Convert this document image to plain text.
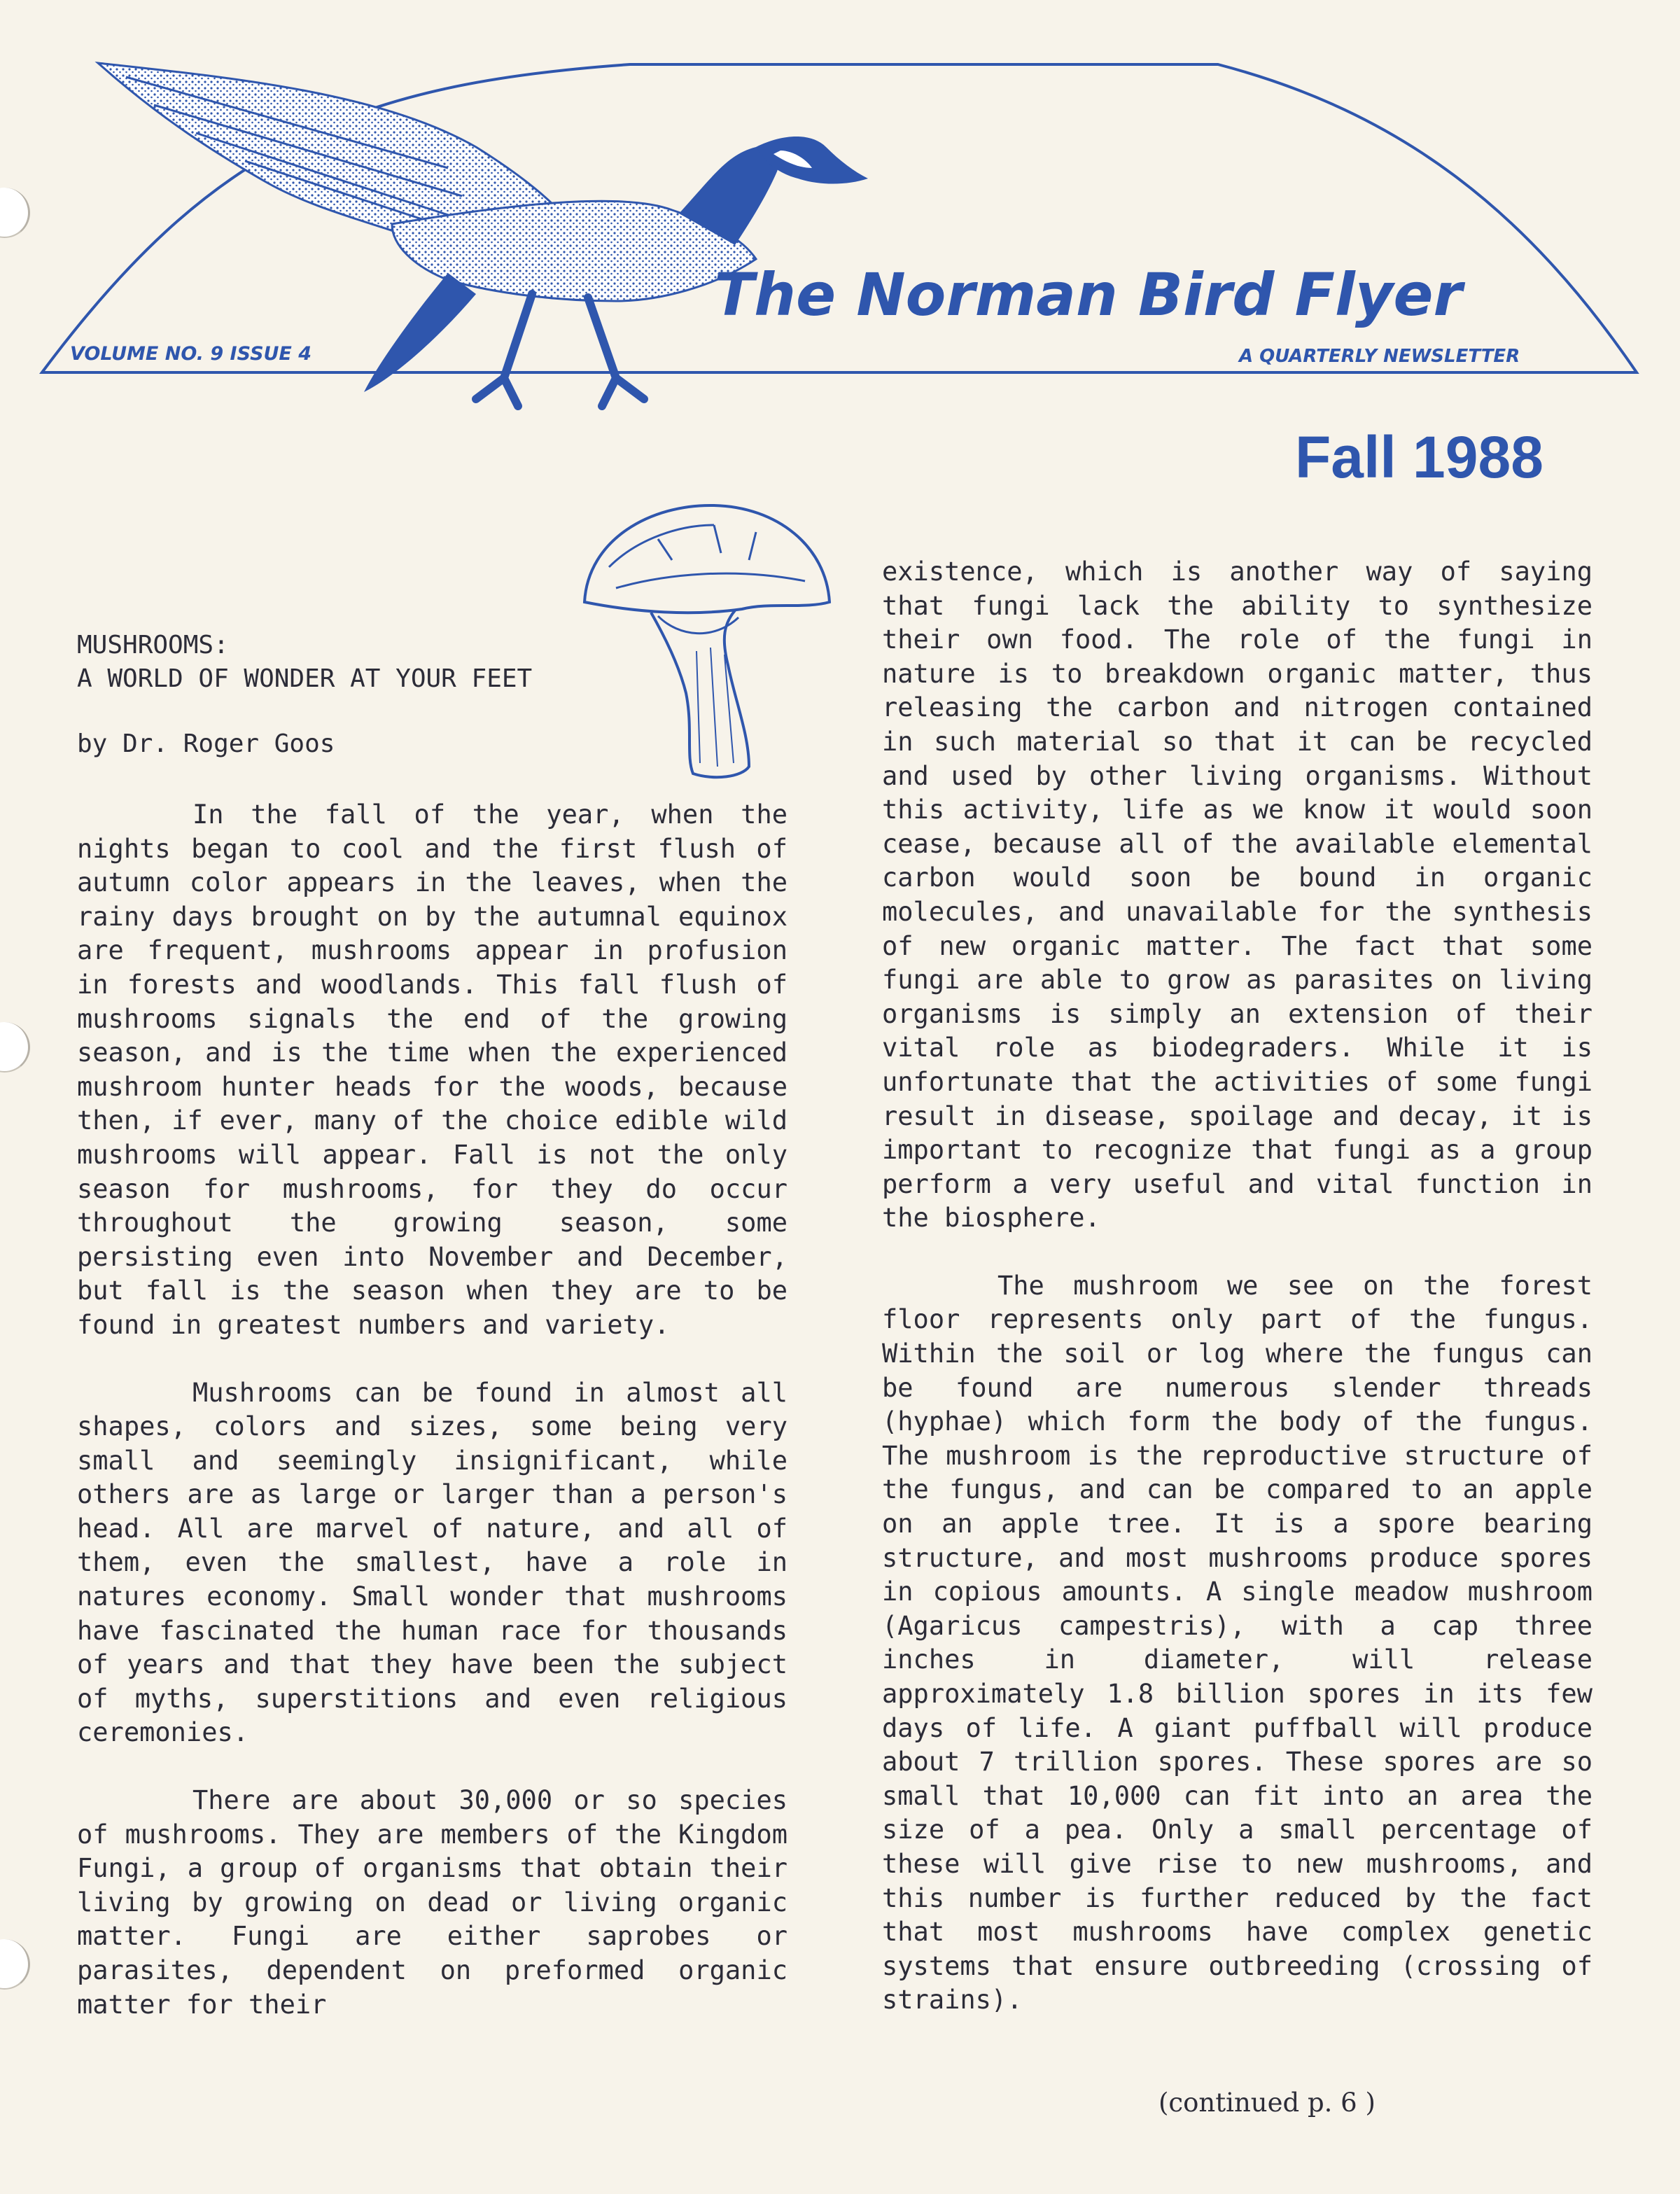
The Norman Bird Flyer
VOLUME NO. 9 ISSUE 4	A QUARTERLY NEWSLETTER
Fall 1988
MUSHROOMS:
A WORLD OF WONDER AT YOUR FEET
by Dr. Roger Goos

In the fall of the year, when the nights began to cool and the first flush of autumn color appears in the leaves, when the rainy days brought on by the autumnal equinox are frequent, mushrooms appear in profusion in forests and woodlands. This fall flush of mushrooms signals the end of the growing season, and is the time when the experienced mushroom hunter heads for the woods, because then, if ever, many of the choice edible wild mushrooms will appear. Fall is not the only season for mushrooms, for they do occur throughout the growing season, some persisting even into November and December, but fall is the season when they are to be found in greatest numbers and variety.

Mushrooms can be found in almost all shapes, colors and sizes, some being very small and seemingly insignificant, while others are as large or larger than a person's head. All are marvel of nature, and all of them, even the smallest, have a role in natures economy. Small wonder that mushrooms have fascinated the human race for thousands of years and that they have been the subject of myths, superstitions and even religious ceremonies.

There are about 30,000 or so species of mushrooms. They are members of the Kingdom Fungi, a group of organisms that obtain their living by growing on dead or living organic matter. Fungi are either saprobes or parasites, dependent on preformed organic matter for their

existence, which is another way of saying that fungi lack the ability to synthesize their own food. The role of the fungi in nature is to breakdown organic matter, thus releasing the carbon and nitrogen contained in such material so that it can be recycled and used by other living organisms. Without this activity, life as we know it would soon cease, because all of the available elemental carbon would soon be bound in organic molecules, and unavailable for the synthesis of new organic matter. The fact that some fungi are able to grow as parasites on living organisms is simply an extension of their vital role as biodegraders. While it is unfortunate that the activities of some fungi result in disease, spoilage and decay, it is important to recognize that fungi as a group perform a very useful and vital function in the biosphere.

The mushroom we see on the forest floor represents only part of the fungus. Within the soil or log where the fungus can be found are numerous slender threads (hyphae) which form the body of the fungus. The mushroom is the reproductive structure of the fungus, and can be compared to an apple on an apple tree. It is a spore bearing structure, and most mushrooms produce spores in copious amounts. A single meadow mushroom (Agaricus campestris), with a cap three inches in diameter, will release approximately 1.8 billion spores in its few days of life. A giant puffball will produce about 7 trillion spores. These spores are so small that 10,000 can fit into an area the size of a pea. Only a small percentage of these will give rise to new mushrooms, and this number is further reduced by the fact that most mushrooms have complex genetic systems that ensure outbreeding (crossing of strains).

(continued p. 6 )
